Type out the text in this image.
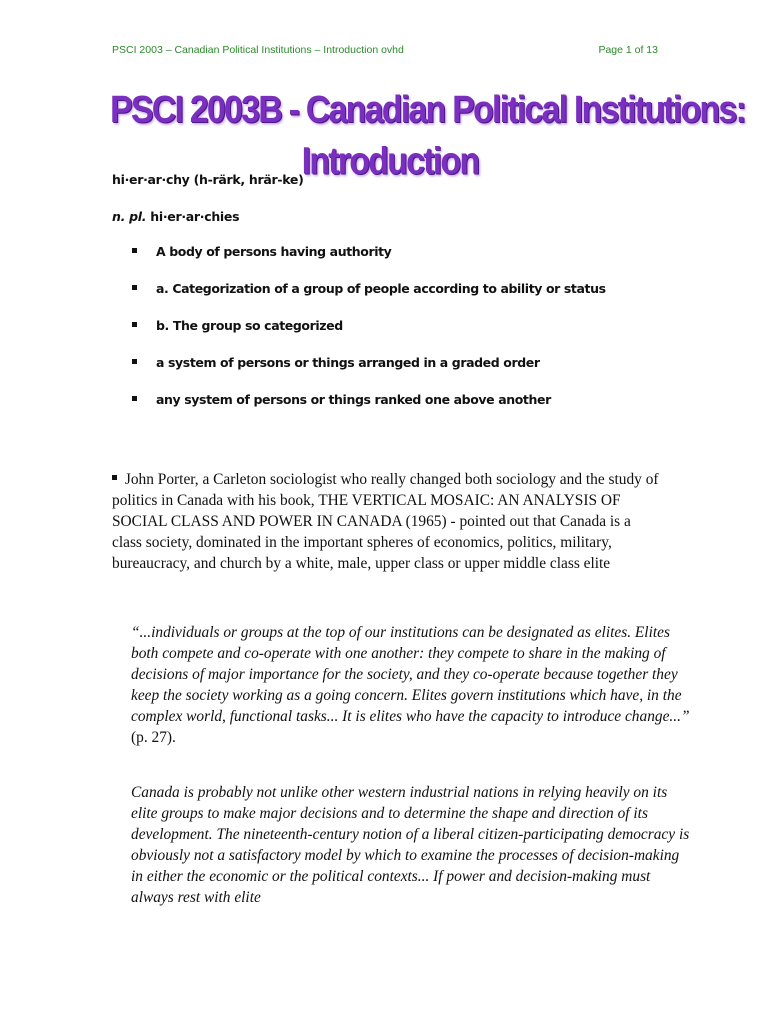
PSCI 2003 – Canadian Political Institutions – Introduction ovhd	Page 1 of 13
PSCI 2003B - Canadian Political Institutions:
Introduction
hi·er·ar·chy (h-rärk, hrär-ke)
n. pl. hi·er·ar·chies
A body of persons having authority
a. Categorization of a group of people according to ability or status
b. The group so categorized
a system of persons or things arranged in a graded order
any system of persons or things ranked one above another
John Porter, a Carleton sociologist who really changed both sociology and the study of politics in Canada with his book, THE VERTICAL MOSAIC: AN ANALYSIS OF SOCIAL CLASS AND POWER IN CANADA (1965) - pointed out that Canada is a class society, dominated in the important spheres of economics, politics, military, bureaucracy, and church by a white, male, upper class or upper middle class elite
“...individuals or groups at the top of our institutions can be designated as elites. Elites both compete and co-operate with one another: they compete to share in the making of decisions of major importance for the society, and they co-operate because together they keep the society working as a going concern. Elites govern institutions which have, in the complex world, functional tasks... It is elites who have the capacity to introduce change...” (p. 27).
Canada is probably not unlike other western industrial nations in relying heavily on its elite groups to make major decisions and to determine the shape and direction of its development. The nineteenth-century notion of a liberal citizen-participating democracy is obviously not a satisfactory model by which to examine the processes of decision-making in either the economic or the political contexts... If power and decision-making must always rest with elite
